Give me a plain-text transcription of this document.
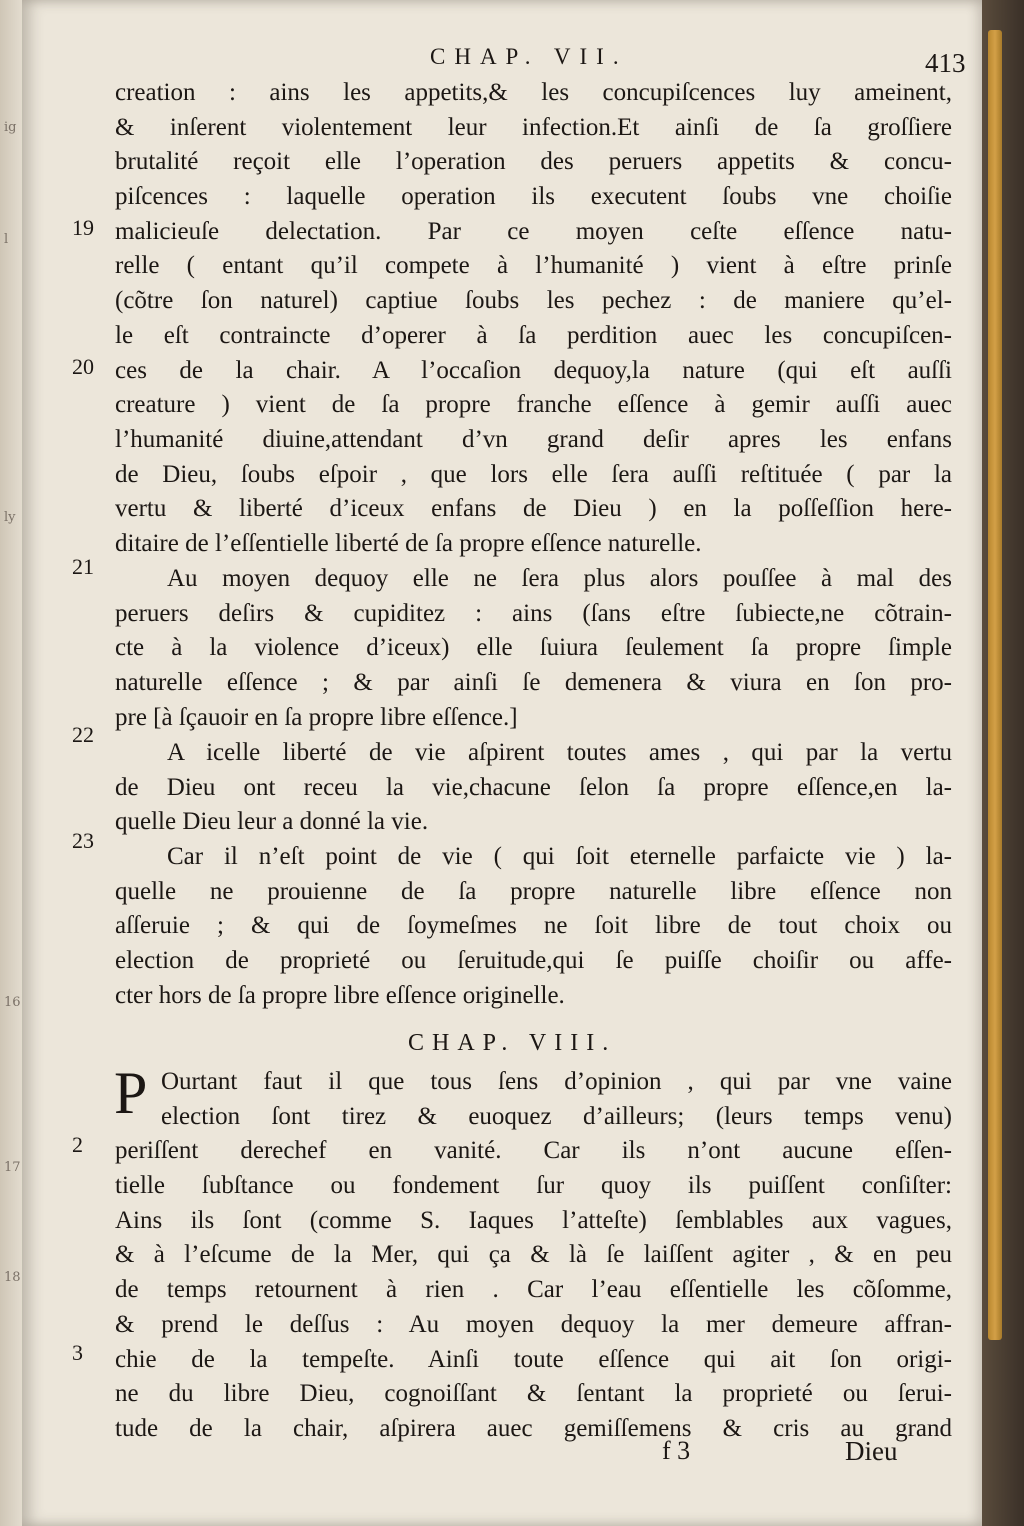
ig
l
ly
16
17
18
CHAP. VII.	413
creation : ains les appetits,& les concupiſcences luy ameinent,
& inſerent violentement leur infection.Et ainſi de ſa groſſiere
brutalité reçoit elle l’operation des peruers appetits & concu-
piſcences : laquelle operation ils executent ſoubs vne choiſie
malicieuſe delectation. Par ce moyen ceſte eſſence natu-
relle ( entant qu’il compete à l’humanité ) vient à eſtre prinſe
(cõtre ſon naturel) captiue ſoubs les pechez : de maniere qu’el-
le eſt contraincte d’operer à ſa perdition auec les concupiſcen-
ces de la chair. A l’occaſion dequoy,la nature (qui eſt auſſi
creature ) vient de ſa propre franche eſſence à gemir auſſi auec
l’humanité diuine,attendant d’vn grand deſir apres les enfans
de Dieu, ſoubs eſpoir , que lors elle ſera auſſi reſtituée ( par la
vertu & liberté d’iceux enfans de Dieu ) en la poſſeſſion here-
ditaire de l’eſſentielle liberté de ſa propre eſſence naturelle.
19
20
21
22
23
2
3
Au moyen dequoy elle ne ſera plus alors pouſſee à mal des
peruers deſirs & cupiditez : ains (ſans eſtre ſubiecte,ne cõtrain-
cte à la violence d’iceux) elle ſuiura ſeulement ſa propre ſimple
naturelle eſſence ; & par ainſi ſe demenera & viura en ſon pro-
pre [à ſçauoir en ſa propre libre eſſence.]
A icelle liberté de vie aſpirent toutes ames , qui par la vertu
de Dieu ont receu la vie,chacune ſelon ſa propre eſſence,en la-
quelle Dieu leur a donné la vie.
Car il n’eſt point de vie ( qui ſoit eternelle parfaicte vie ) la-
quelle ne prouienne de ſa propre naturelle libre eſſence non
aſſeruie ; & qui de ſoymeſmes ne ſoit libre de tout choix ou
election de proprieté ou ſeruitude,qui ſe puiſſe choiſir ou affe-
cter hors de ſa propre libre eſſence originelle.
CHAP. VIII.
P Ourtant faut il que tous ſens d’opinion , qui par vne vaine
election ſont tirez & euoquez d’ailleurs; (leurs temps venu)
periſſent derechef en vanité. Car ils n’ont aucune eſſen-
tielle ſubſtance ou fondement ſur quoy ils puiſſent conſiſter:
Ains ils ſont (comme S. Iaques l’atteſte) ſemblables aux vagues,
& à l’eſcume de la Mer, qui ça & là ſe laiſſent agiter , & en peu
de temps retournent à rien . Car l’eau eſſentielle les cõſomme,
& prend le deſſus : Au moyen dequoy la mer demeure affran-
chie de la tempeſte. Ainſi toute eſſence qui ait ſon origi-
ne du libre Dieu, cognoiſſant & ſentant la proprieté ou ſerui-
tude de la chair, aſpirera auec gemiſſemens & cris au grand
f 3	Dieu
